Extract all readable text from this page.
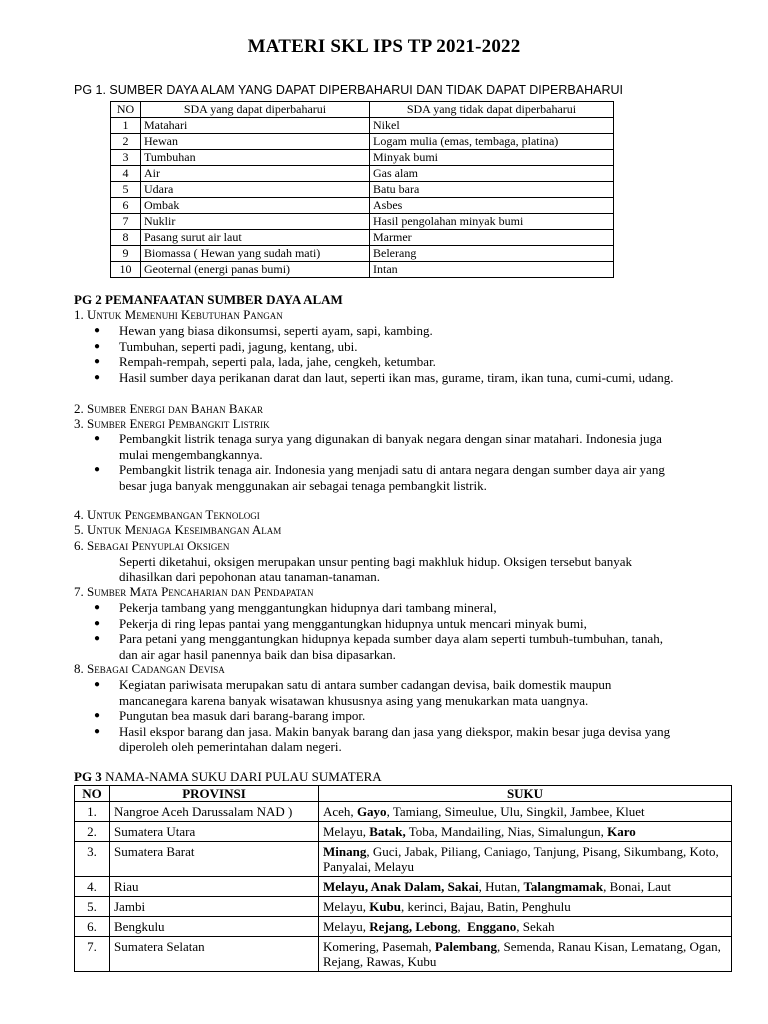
MATERI SKL IPS TP 2021-2022
PG 1. SUMBER DAYA ALAM YANG DAPAT DIPERBAHARUI DAN TIDAK DAPAT DIPERBAHARUI
NO	SDA yang dapat diperbaharui	SDA yang tidak dapat diperbaharui
1	Matahari	Nikel
2	Hewan	Logam mulia (emas, tembaga, platina)
3	Tumbuhan	Minyak bumi
4	Air	Gas alam
5	Udara	Batu bara
6	Ombak	Asbes
7	Nuklir	Hasil pengolahan minyak bumi
8	Pasang surut air laut	Marmer
9	Biomassa ( Hewan yang sudah mati)	Belerang
10	Geoternal (energi panas bumi)	Intan
PG 2 PEMANFAATAN SUMBER DAYA ALAM
1. Untuk Memenuhi Kebutuhan Pangan
● Hewan yang biasa dikonsumsi, seperti ayam, sapi, kambing.
● Tumbuhan, seperti padi, jagung, kentang, ubi.
● Rempah-rempah, seperti pala, lada, jahe, cengkeh, ketumbar.
● Hasil sumber daya perikanan darat dan laut, seperti ikan mas, gurame, tiram, ikan tuna, cumi-cumi, udang.
2. Sumber Energi dan Bahan Bakar
3. Sumber Energi Pembangkit Listrik
● Pembangkit listrik tenaga surya yang digunakan di banyak negara dengan sinar matahari. Indonesia juga
mulai mengembangkannya.
● Pembangkit listrik tenaga air. Indonesia yang menjadi satu di antara negara dengan sumber daya air yang
besar juga banyak menggunakan air sebagai tenaga pembangkit listrik.
4. Untuk Pengembangan Teknologi
5. Untuk Menjaga Keseimbangan Alam
6. Sebagai Penyuplai Oksigen
Seperti diketahui, oksigen merupakan unsur penting bagi makhluk hidup. Oksigen tersebut banyak
dihasilkan dari pepohonan atau tanaman-tanaman.
7. Sumber Mata Pencaharian dan Pendapatan
● Pekerja tambang yang menggantungkan hidupnya dari tambang mineral,
● Pekerja di ring lepas pantai yang menggantungkan hidupnya untuk mencari minyak bumi,
● Para petani yang menggantungkan hidupnya kepada sumber daya alam seperti tumbuh-tumbuhan, tanah,
dan air agar hasil panennya baik dan bisa dipasarkan.
8. Sebagai Cadangan Devisa
● Kegiatan pariwisata merupakan satu di antara sumber cadangan devisa, baik domestik maupun
mancanegara karena banyak wisatawan khususnya asing yang menukarkan mata uangnya.
● Pungutan bea masuk dari barang-barang impor.
● Hasil ekspor barang dan jasa. Makin banyak barang dan jasa yang diekspor, makin besar juga devisa yang
diperoleh oleh pemerintahan dalam negeri.
PG 3 NAMA-NAMA SUKU DARI PULAU SUMATERA
NO	PROVINSI	SUKU
1.	Nangroe Aceh Darussalam NAD )	Aceh, Gayo, Tamiang, Simeulue, Ulu, Singkil, Jambee, Kluet
2.	Sumatera Utara	Melayu, Batak, Toba, Mandailing, Nias, Simalungun, Karo
3.	Sumatera Barat	Minang, Guci, Jabak, Piliang, Caniago, Tanjung, Pisang, Sikumbang, Koto, Panyalai, Melayu
4.	Riau	Melayu, Anak Dalam, Sakai, Hutan, Talangmamak, Bonai, Laut
5.	Jambi	Melayu, Kubu, kerinci, Bajau, Batin, Penghulu
6.	Bengkulu	Melayu, Rejang, Lebong,  Enggano, Sekah
7.	Sumatera Selatan	Komering, Pasemah, Palembang, Semenda, Ranau Kisan, Lematang, Ogan, Rejang, Rawas, Kubu
